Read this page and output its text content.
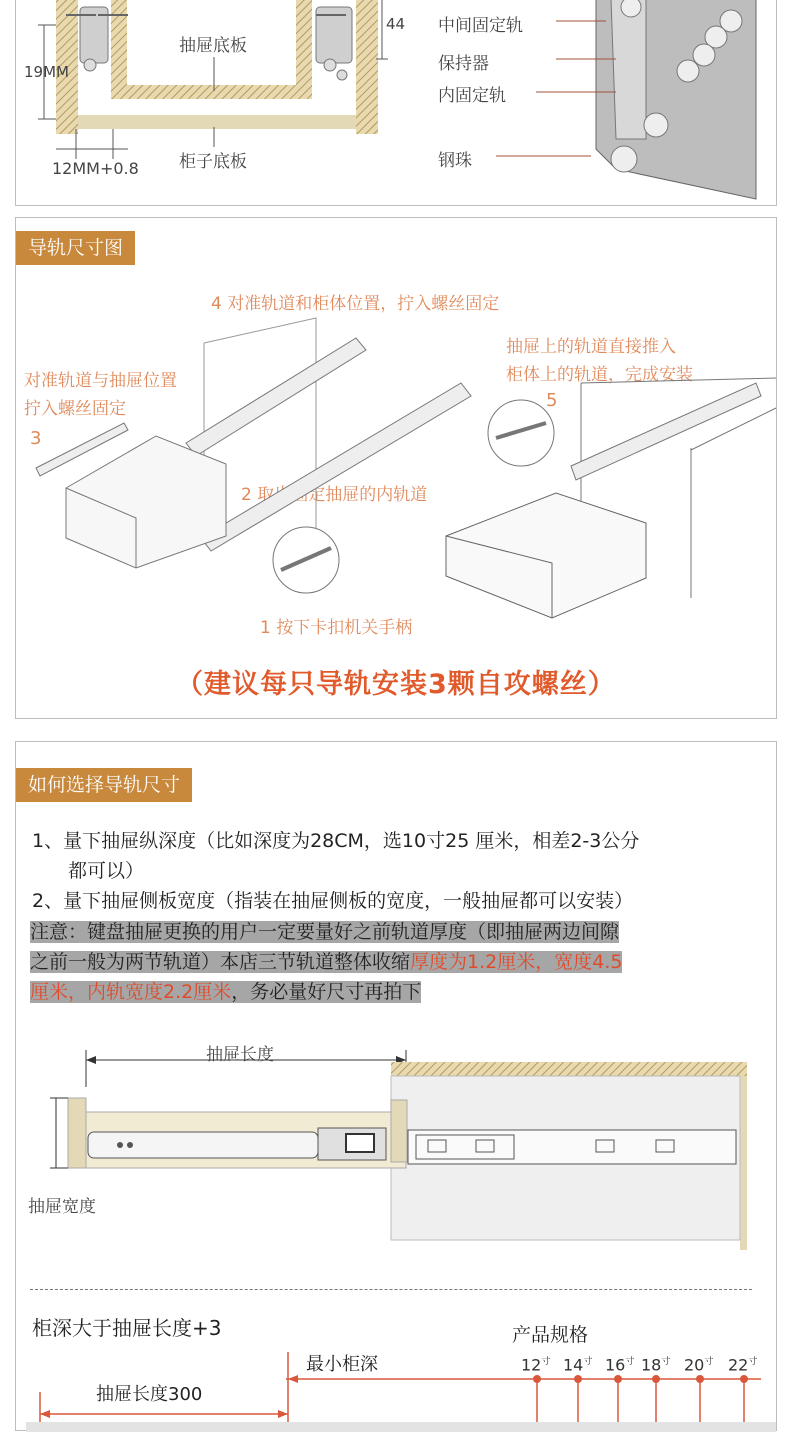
19MM
44
12MM+0.8
抽屉底板
柜子底板
中间固定轨
保持器
内固定轨
钢珠
导轨尺寸图
4 对准轨道和柜体位置，拧入螺丝固定
对准轨道与抽屉位置
拧入螺丝固定
3
2 取出固定抽屉的内轨道
1 按下卡扣机关手柄
抽屉上的轨道直接推入
柜体上的轨道，完成安装
5
（建议每只导轨安装3颗自攻螺丝）
如何选择导轨尺寸
1、量下抽屉纵深度（比如深度为28CM，选10寸25 厘米，相差2-3公分
都可以）
2、量下抽屉侧板宽度（指装在抽屉侧板的宽度，一般抽屉都可以安装）
注意：键盘抽屉更换的用户一定要量好之前轨道厚度（即抽屉两边间隙
之前一般为两节轨道）本店三节轨道整体收缩厚度为1.2厘米，宽度4.5
厘米，内轨宽度2.2厘米，务必量好尺寸再拍下
抽屉长度
抽屉宽度
柜深大于抽屉长度+3	产品规格
最小柜深
抽屉长度300
$12^寸$ $14^寸$ $16^寸$ $18^寸$ $20^寸$ $22^寸$
